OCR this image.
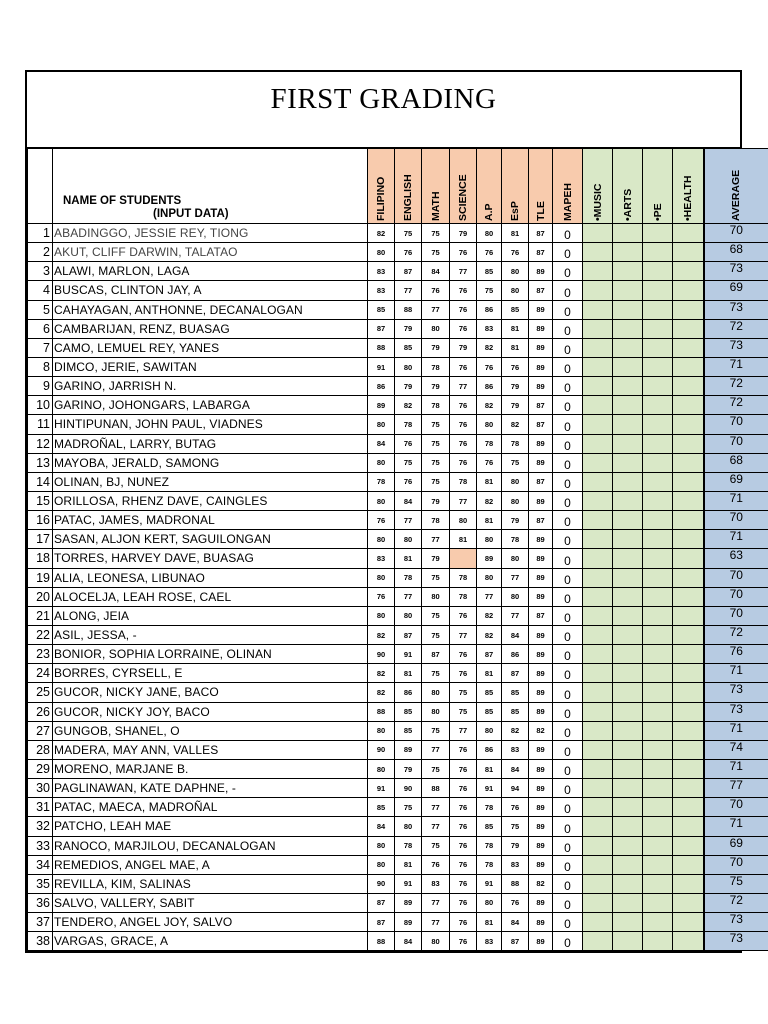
FIRST GRADING

	NAME OF STUDENTS
(INPUT DATA)	FILIPINO	ENGLISH	MATH	SCIENCE	A.P	EsP	TLE	MAPEH	•MUSIC	•ARTS	•PE	•HEALTH	AVERAGE

1	ABADINGGO, JESSIE REY, TIONG	82	75	75	79	80	81	87	0					70
2	AKUT, CLIFF DARWIN, TALATAO	80	76	75	76	76	76	87	0					68
3	ALAWI, MARLON, LAGA	83	87	84	77	85	80	89	0					73
4	BUSCAS, CLINTON JAY, A	83	77	76	76	75	80	87	0					69
5	CAHAYAGAN, ANTHONNE, DECANALOGAN	85	88	77	76	86	85	89	0					73
6	CAMBARIJAN, RENZ, BUASAG	87	79	80	76	83	81	89	0					72
7	CAMO, LEMUEL REY, YANES	88	85	79	79	82	81	89	0					73
8	DIMCO, JERIE, SAWITAN	91	80	78	76	76	76	89	0					71
9	GARINO, JARRISH N.	86	79	79	77	86	79	89	0					72
10	GARINO, JOHONGARS, LABARGA	89	82	78	76	82	79	87	0					72
11	HINTIPUNAN, JOHN PAUL, VIADNES	80	78	75	76	80	82	87	0					70
12	MADROÑAL, LARRY, BUTAG	84	76	75	76	78	78	89	0					70
13	MAYOBA, JERALD, SAMONG	80	75	75	76	76	75	89	0					68
14	OLINAN, BJ, NUNEZ	78	76	75	78	81	80	87	0					69
15	ORILLOSA, RHENZ DAVE, CAINGLES	80	84	79	77	82	80	89	0					71
16	PATAC, JAMES, MADRONAL	76	77	78	80	81	79	87	0					70
17	SASAN, ALJON KERT, SAGUILONGAN	80	80	77	81	80	78	89	0					71
18	TORRES, HARVEY DAVE, BUASAG	83	81	79		89	80	89	0					63
19	ALIA, LEONESA, LIBUNAO	80	78	75	78	80	77	89	0					70
20	ALOCELJA, LEAH ROSE, CAEL	76	77	80	78	77	80	89	0					70
21	ALONG, JEIA	80	80	75	76	82	77	87	0					70
22	ASIL, JESSA, -	82	87	75	77	82	84	89	0					72
23	BONIOR, SOPHIA LORRAINE, OLINAN	90	91	87	76	87	86	89	0					76
24	BORRES, CYRSELL, E	82	81	75	76	81	87	89	0					71
25	GUCOR, NICKY JANE, BACO	82	86	80	75	85	85	89	0					73
26	GUCOR, NICKY JOY, BACO	88	85	80	75	85	85	89	0					73
27	GUNGOB, SHANEL, O	80	85	75	77	80	82	82	0					71
28	MADERA, MAY ANN, VALLES	90	89	77	76	86	83	89	0					74
29	MORENO, MARJANE B.	80	79	75	76	81	84	89	0					71
30	PAGLINAWAN, KATE DAPHNE, -	91	90	88	76	91	94	89	0					77
31	PATAC, MAECA, MADROÑAL	85	75	77	76	78	76	89	0					70
32	PATCHO, LEAH MAE	84	80	77	76	85	75	89	0					71
33	RANOCO, MARJILOU, DECANALOGAN	80	78	75	76	78	79	89	0					69
34	REMEDIOS, ANGEL MAE, A	80	81	76	76	78	83	89	0					70
35	REVILLA, KIM, SALINAS	90	91	83	76	91	88	82	0					75
36	SALVO, VALLERY, SABIT	87	89	77	76	80	76	89	0					72
37	TENDERO, ANGEL JOY, SALVO	87	89	77	76	81	84	89	0					73
38	VARGAS, GRACE, A	88	84	80	76	83	87	89	0					73
